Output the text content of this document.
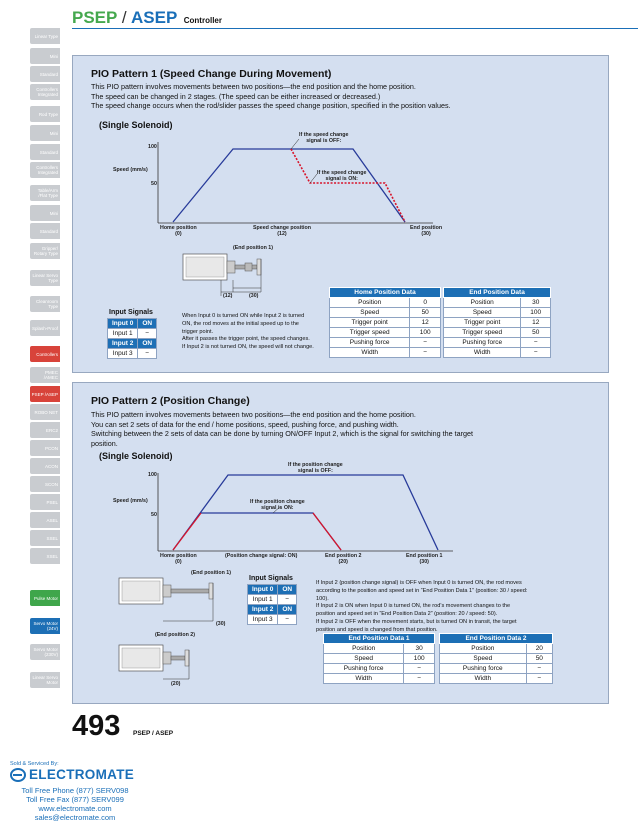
PSEP / ASEP Controller
Linear Type
Mini
Standard
Controllers Integrated
Rod Type
Mini
Standard
Controllers Integrated
Table/Arm /Flat Type
Mini
Standard
Gripper/ Rotary Type
Linear Servo Type
Cleanroom Type
Splash-Proof
Controllers
PMEC /AMEC
PSEP /ASEP
ROBO NET
ERC2
PCON
ACON
SCON
PSEL
ASEL
SSEL
XSEL
Pulse Motor
Servo Motor (24V)
Servo Motor (230V)
Linear Servo Motor
PIO Pattern 1 (Speed Change During Movement)
This PIO pattern involves movements between two positions—the end position and the home position.
The speed can be changed in 2 stages. (The speed can be either increased or decreased.)
The speed change occurs when the rod/slider passes the speed change position, specified in the position values.
(Single Solenoid)
Speed (mm/s)
100
50
If the speed change
signal is OFF:
If the speed change
signal is ON:
Home position
(0)
Speed change position
(12)
End position
(30)
(End position 1)
(12)	(30)
Input Signals
Input 0	ON
Input 1	−
Input 2	ON
Input 3	−
When Input 0 is turned ON while Input 2 is turned
ON, the rod moves at the initial speed up to the
trigger point.
After it passes the trigger point, the speed changes.
If Input 2 is not turned ON, the speed will not change.
Home Position Data	
Position	0
Speed	50
Trigger point	12
Trigger speed	100
Pushing force	−
Width	−
End Position Data	
Position	30
Speed	100
Trigger point	12
Trigger speed	50
Pushing force	−
Width	−
PIO Pattern 2 (Position Change)
This PIO pattern involves movements between two positions—the end position and the home position.
You can set 2 sets of data for the end / home positions, speed, pushing force, and pushing width.
Switching between the 2 sets of data can be done by turning ON/OFF Input 2, which is the signal for switching the target
position.
(Single Solenoid)
Speed (mm/s)
100
50
If the position change
signal is OFF:
If the position change
signal is ON:
Home position
(0)
(Position change signal: ON)	End position 2
(20)
End position 1
(30)
(End position 1)
(End position 2)
(30)
(20)
Input Signals
Input 0	ON
Input 1	−
Input 2	ON
Input 3	−
If Input 2 (position change signal) is OFF when Input 0 is turned ON, the rod moves
according to the position and speed set in “End Position Data 1” (position: 30 / speed:
100).
If Input 2 is ON when Input 0 is turned ON, the rod's movement changes to the
position and speed set in “End Position Data 2” (position: 20 / speed: 50).
If Input 2 is OFF when the movement starts, but is turned ON in transit, the target
position and speed is changed from that position.
End Position Data 1	
Position	30
Speed	100
Pushing force	−
Width	−
End Position Data 2	
Position	20
Speed	50
Pushing force	−
Width	−
493 PSEP / ASEP
Sold & Serviced By:
ELECTROMATE
Toll Free Phone (877) SERV098
Toll Free Fax (877) SERV099
www.electromate.com
sales@electromate.com
